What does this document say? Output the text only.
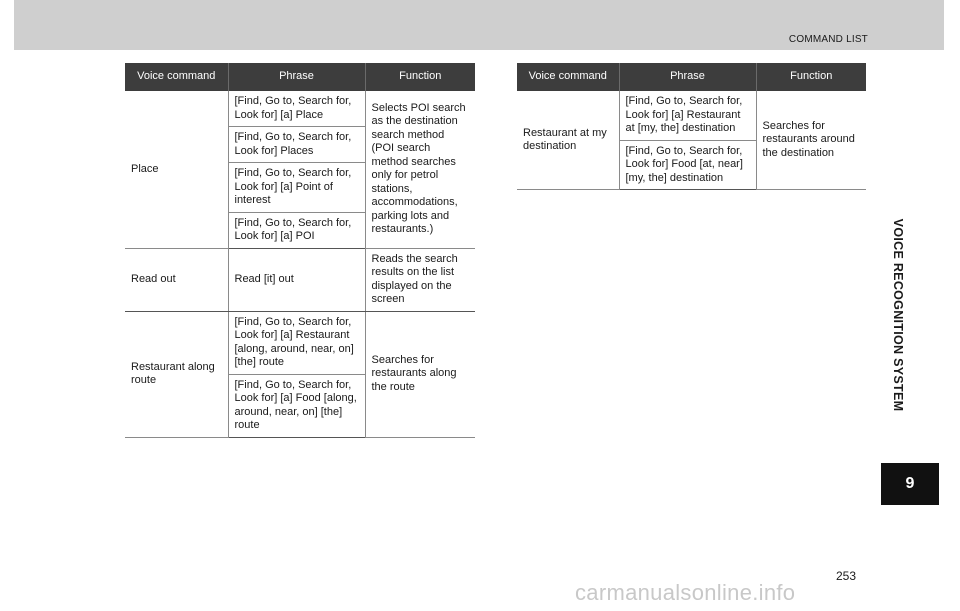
COMMAND LIST
Voice command	Phrase	Function
Place	[Find, Go to, Search for, Look for] [a] Place	Selects POI search as the destination search method (POI search method searches only for petrol stations, accommodations, parking lots and restaurants.)
	[Find, Go to, Search for, Look for] Places	
	[Find, Go to, Search for, Look for] [a] Point of interest	
	[Find, Go to, Search for, Look for] [a] POI	
Read out	Read [it] out	Reads the search results on the list displayed on the screen
Restaurant along route	[Find, Go to, Search for, Look for] [a] Restaurant [along, around, near, on] [the] route	Searches for restaurants along the route
	[Find, Go to, Search for, Look for] [a] Food [along, around, near, on] [the] route	
Voice command	Phrase	Function
Restaurant at my destination	[Find, Go to, Search for, Look for] [a] Restaurant at [my, the] destination	Searches for restaurants around the destination
	[Find, Go to, Search for, Look for] Food [at, near] [my, the] destination	
VOICE RECOGNITION SYSTEM
9
253
carmanualsonline.info
